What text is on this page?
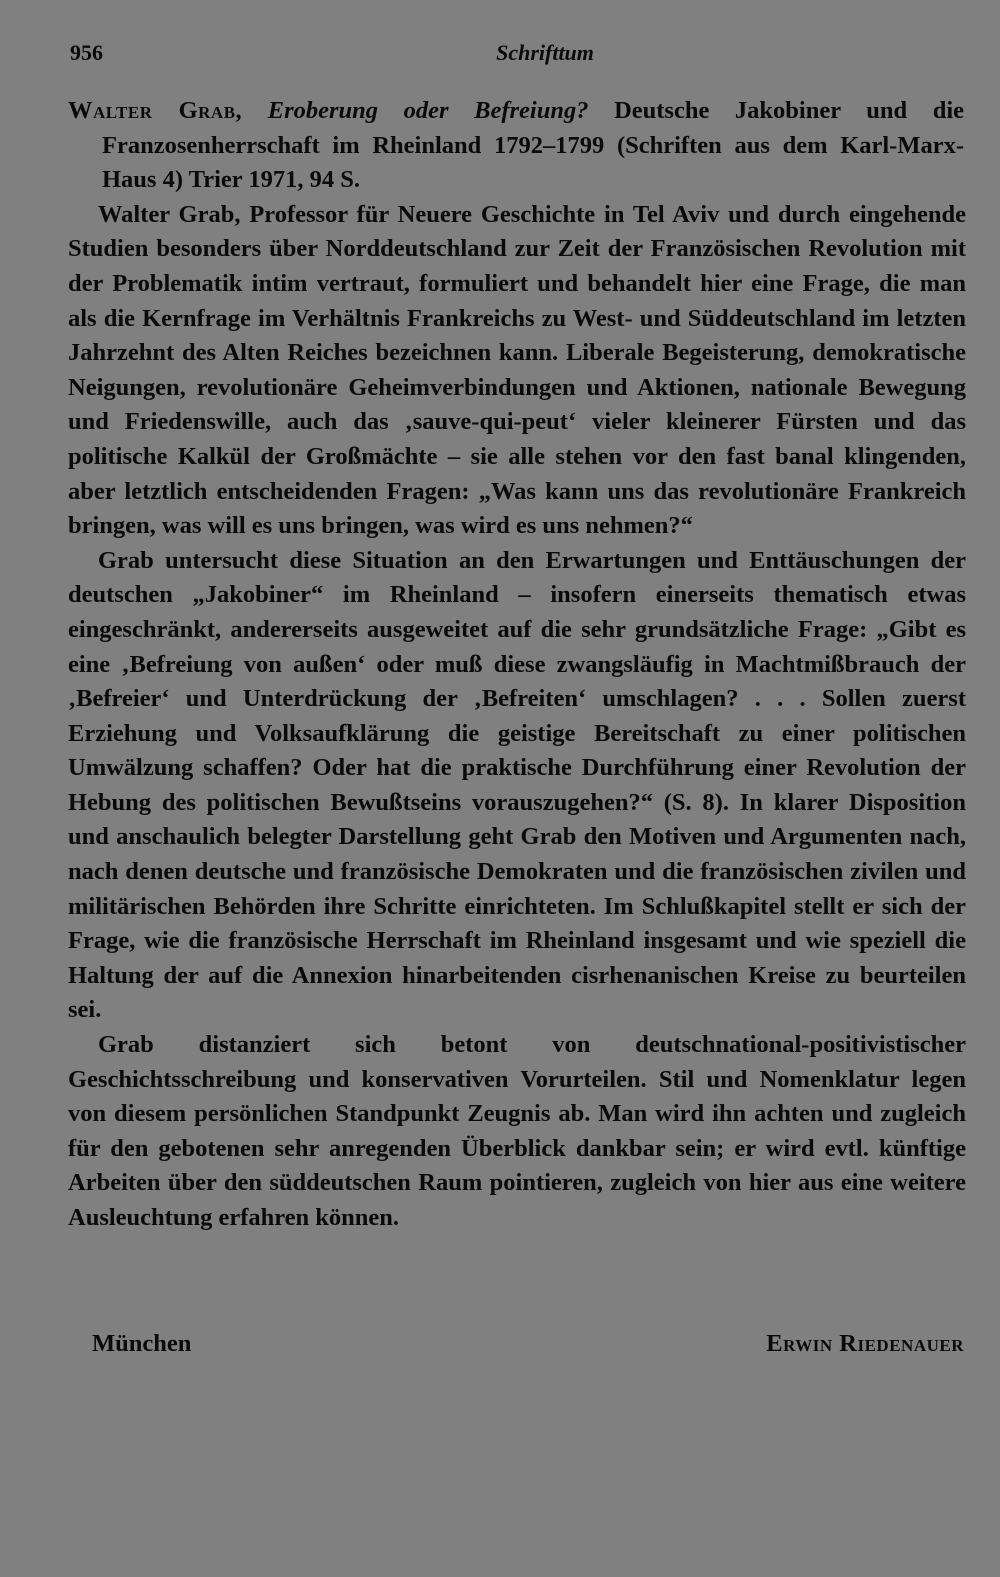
956	Schrifttum

Walter Grab, Eroberung oder Befreiung? Deutsche Jakobiner und die Franzosenherrschaft im Rheinland 1792–1799 (Schriften aus dem Karl-Marx-Haus 4) Trier 1971, 94 S.

Walter Grab, Professor für Neuere Geschichte in Tel Aviv und durch eingehende Studien besonders über Norddeutschland zur Zeit der Französischen Revolution mit der Problematik intim vertraut, formuliert und behandelt hier eine Frage, die man als die Kernfrage im Verhältnis Frankreichs zu West- und Süddeutschland im letzten Jahrzehnt des Alten Reiches bezeichnen kann. Liberale Begeisterung, demokratische Neigungen, revolutionäre Geheimverbindungen und Aktionen, nationale Bewegung und Friedenswille, auch das ‚sauve-qui-peut‘ vieler kleinerer Fürsten und das politische Kalkül der Großmächte – sie alle stehen vor den fast banal klingenden, aber letztlich entscheidenden Fragen: „Was kann uns das revolutionäre Frankreich bringen, was will es uns bringen, was wird es uns nehmen?“

Grab untersucht diese Situation an den Erwartungen und Enttäuschungen der deutschen „Jakobiner“ im Rheinland – insofern einerseits thematisch etwas eingeschränkt, andererseits ausgeweitet auf die sehr grundsätzliche Frage: „Gibt es eine ‚Befreiung von außen‘ oder muß diese zwangsläufig in Machtmißbrauch der ‚Befreier‘ und Unterdrückung der ‚Befreiten‘ umschlagen? . . . Sollen zuerst Erziehung und Volksaufklärung die geistige Bereitschaft zu einer politischen Umwälzung schaffen? Oder hat die praktische Durchführung einer Revolution der Hebung des politischen Bewußtseins vorauszugehen?“ (S. 8). In klarer Disposition und anschaulich belegter Darstellung geht Grab den Motiven und Argumenten nach, nach denen deutsche und französische Demokraten und die französischen zivilen und militärischen Behörden ihre Schritte einrichteten. Im Schlußkapitel stellt er sich der Frage, wie die französische Herrschaft im Rheinland insgesamt und wie speziell die Haltung der auf die Annexion hinarbeitenden cisrhenanischen Kreise zu beurteilen sei.

Grab distanziert sich betont von deutschnational-positivistischer Geschichtsschreibung und konservativen Vorurteilen. Stil und Nomenklatur legen von diesem persönlichen Standpunkt Zeugnis ab. Man wird ihn achten und zugleich für den gebotenen sehr anregenden Überblick dankbar sein; er wird evtl. künftige Arbeiten über den süddeutschen Raum pointieren, zugleich von hier aus eine weitere Ausleuchtung erfahren können.

München	Erwin Riedenauer
